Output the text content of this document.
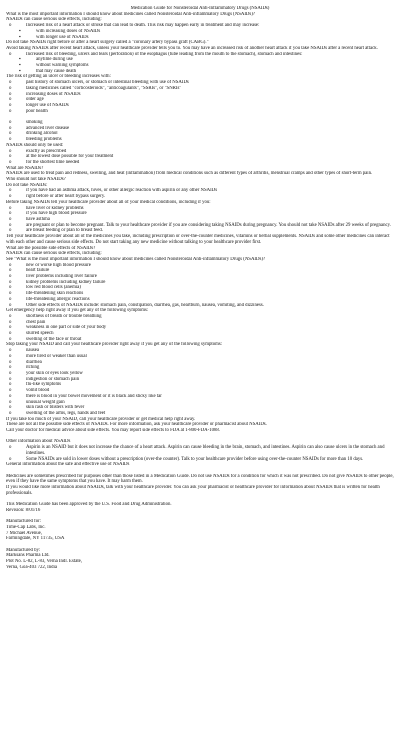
Medication Guide for Nonsteroidal Anti-Inflammatory Drugs (NSAIDs)
What is the most important information I should know about medicines called Nonsteroidal Anti-inflammatory Drugs (NSAIDs)?
NSAIDs can cause serious side effects, including:
o	Increased risk of a heart attack or stroke that can lead to death. This risk may happen early in treatment and may increase:
▪	with increasing doses of NSAIDs
▪	with longer use of NSAIDs
Do not take NSAIDs right before or after a heart surgery called a "coronary artery bypass graft (CABG)."
Avoid taking NSAIDs after recent heart attack, unless your healthcare provider tells you to. You may have an increased risk of another heart attack if you take NSAIDs after a recent heart attack.
o	Increased risk of bleeding, ulcers and tears (perforation) of the esophagus (tube leading from the mouth to the stomach), stomach and intestines:
▪	anytime during use
▪	without warning symptoms
▪	that may cause death
The risk of getting an ulcer or bleeding increases with:
o	past history of stomach ulcers, or stomach or intestinal bleeding with use of NSAIDs
o	taking medicines called "corticosteroids", "anticoagulants", "SSRIs", or "SNRIs"
o	increasing doses of NSAIDs
o	older age
o	longer use of NSAIDs
o	poor health
o	smoking
o	advanced liver disease
o	drinking alcohol
o	bleeding problems
NSAIDs should only be used:
o	exactly as prescribed
o	at the lowest dose possible for your treatment
o	for the shortest time needed
What are NSAIDs?
NSAIDs are used to treat pain and redness, swelling, and heat (inflammation) from medical conditions such as different types of arthritis, menstrual cramps and other types of short-term pain.
Who should not take NSAIDs?
Do not take NSAIDs:
o	if you have had an asthma attack, hives, or other allergic reaction with aspirin or any other NSAIDs
o	right before or after heart bypass surgery.
Before taking NSAIDs tell your healthcare provider about all of your medical conditions, including if you:
o	have liver or kidney problems
o	if you have high blood pressure
o	have asthma
o	are pregnant or plan to become pregnant. Talk to your healthcare provider if you are considering taking NSAIDs during pregnancy. You should not take NSAIDs after 29 weeks of pregnancy.
o	are breast feeding or plan to breast feed.
Tell your healthcare provider about all of the medicines you take, including prescription or over-the-counter medicines, vitamins or herbal supplements. NSAIDs and some other medicines can interact with each other and cause serious side effects. Do not start taking any new medicine without talking to your healthcare provider first.
What are the possible side effects of NSAIDs?
NSAIDs can cause serious side effects, including:
See "What is the most important information I should know about medicines called Nonsteroidal Anti-inflammatory Drugs (NSAIDs)?
o	new or worse high blood pressure
o	heart failure
o	liver problems including liver failure
o	kidney problems including kidney failure
o	low red blood cells (anemia)
o	life-threatening skin reactions
o	life-threatening allergic reactions
o	Other side effects of NSAIDs include: stomach pain, constipation, diarrhea, gas, heartburn, nausea, vomiting, and dizziness.
Get emergency help right away if you get any of the following symptoms:
o	shortness of breath or trouble breathing
o	chest pain
o	weakness in one part or side of your body
o	slurred speech
o	swelling of the face or throat
Stop taking your NSAID and call your healthcare provider right away if you get any of the following symptoms:
o	nausea
o	more tired or weaker than usual
o	diarrhea
o	itching
o	your skin or eyes look yellow
o	indigestion or stomach pain
o	flu-like symptoms
o	vomit blood
o	there is blood in your bowel movement or it is black and sticky like tar
o	unusual weight gain
o	skin rash or blisters with fever
o	swelling of the arms, legs, hands and feet
If you take too much of your NSAID, call your healthcare provider or get medical help right away.
These are not all the possible side effects of NSAIDs. For more information, ask your healthcare provider or pharmacist about NSAIDs.
Call your doctor for medical advice about side effects. You may report side effects to FDA at 1-800-FDA-1088.
Other information about NSAIDs
o	Aspirin is an NSAID but it does not increase the chance of a heart attack. Aspirin can cause bleeding in the brain, stomach, and intestines. Aspirin can also cause ulcers in the stomach and intestines.
o	Some NSAIDs are sold in lower doses without a prescription (over-the counter). Talk to your healthcare provider before using over-the-counter NSAIDs for more than 10 days.
General information about the safe and effective use of NSAIDs
Medicines are sometimes prescribed for purposes other than those listed in a Medication Guide. Do not use NSAIDs for a condition for which it was not prescribed. Do not give NSAIDs to other people, even if they have the same symptoms that you have. It may harm them.
If you would like more information about NSAIDs, talk with your healthcare provider. You can ask your pharmacist or healthcare provider for information about NSAIDs that is written for health professionals.
This Medication Guide has been approved by the U.S. Food and Drug Administration.
Revision: 8/01/16
Manufactured for:
Time-Cap Labs, Inc.
7 Michael Avenue,
Farmingdale, NY 11735, USA
Manufactured by:
Marksans Pharma Ltd.
Plot No. L-82, L-83, Verna Indl. Estate,
Verna, Goa-403 722, India
